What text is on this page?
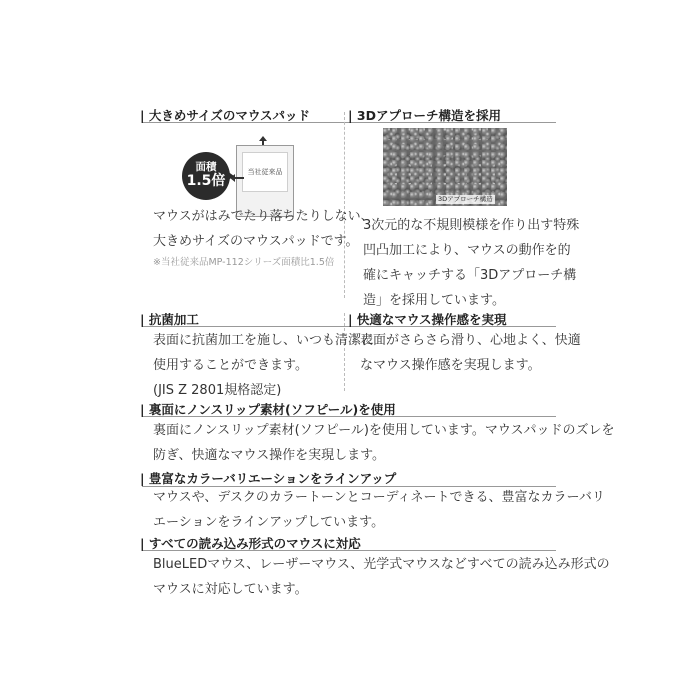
| 大きめサイズのマウスパッド
当社従来品
面積
1.5倍
マウスがはみでたり落ちたりしない、
大きめサイズのマウスパッドです。
※当社従来品MP-112シリーズ面積比1.5倍
| 3Dアプローチ構造を採用
3Dアプローチ構造
3次元的な不規則模様を作り出す特殊
凹凸加工により、マウスの動作を的
確にキャッチする「3Dアプローチ構
造」を採用しています。
| 抗菌加工
表面に抗菌加工を施し、いつも清潔に
使用することができます。
(JIS Z 2801規格認定)
| 快適なマウス操作感を実現
表面がさらさら滑り、心地よく、快適
なマウス操作感を実現します。
| 裏面にノンスリップ素材(ソフピール)を使用
裏面にノンスリップ素材(ソフピール)を使用しています。マウスパッドのズレを
防ぎ、快適なマウス操作を実現します。
| 豊富なカラーバリエーションをラインアップ
マウスや、デスクのカラートーンとコーディネートできる、豊富なカラーバリ
エーションをラインアップしています。
| すべての読み込み形式のマウスに対応
BlueLEDマウス、レーザーマウス、光学式マウスなどすべての読み込み形式の
マウスに対応しています。
